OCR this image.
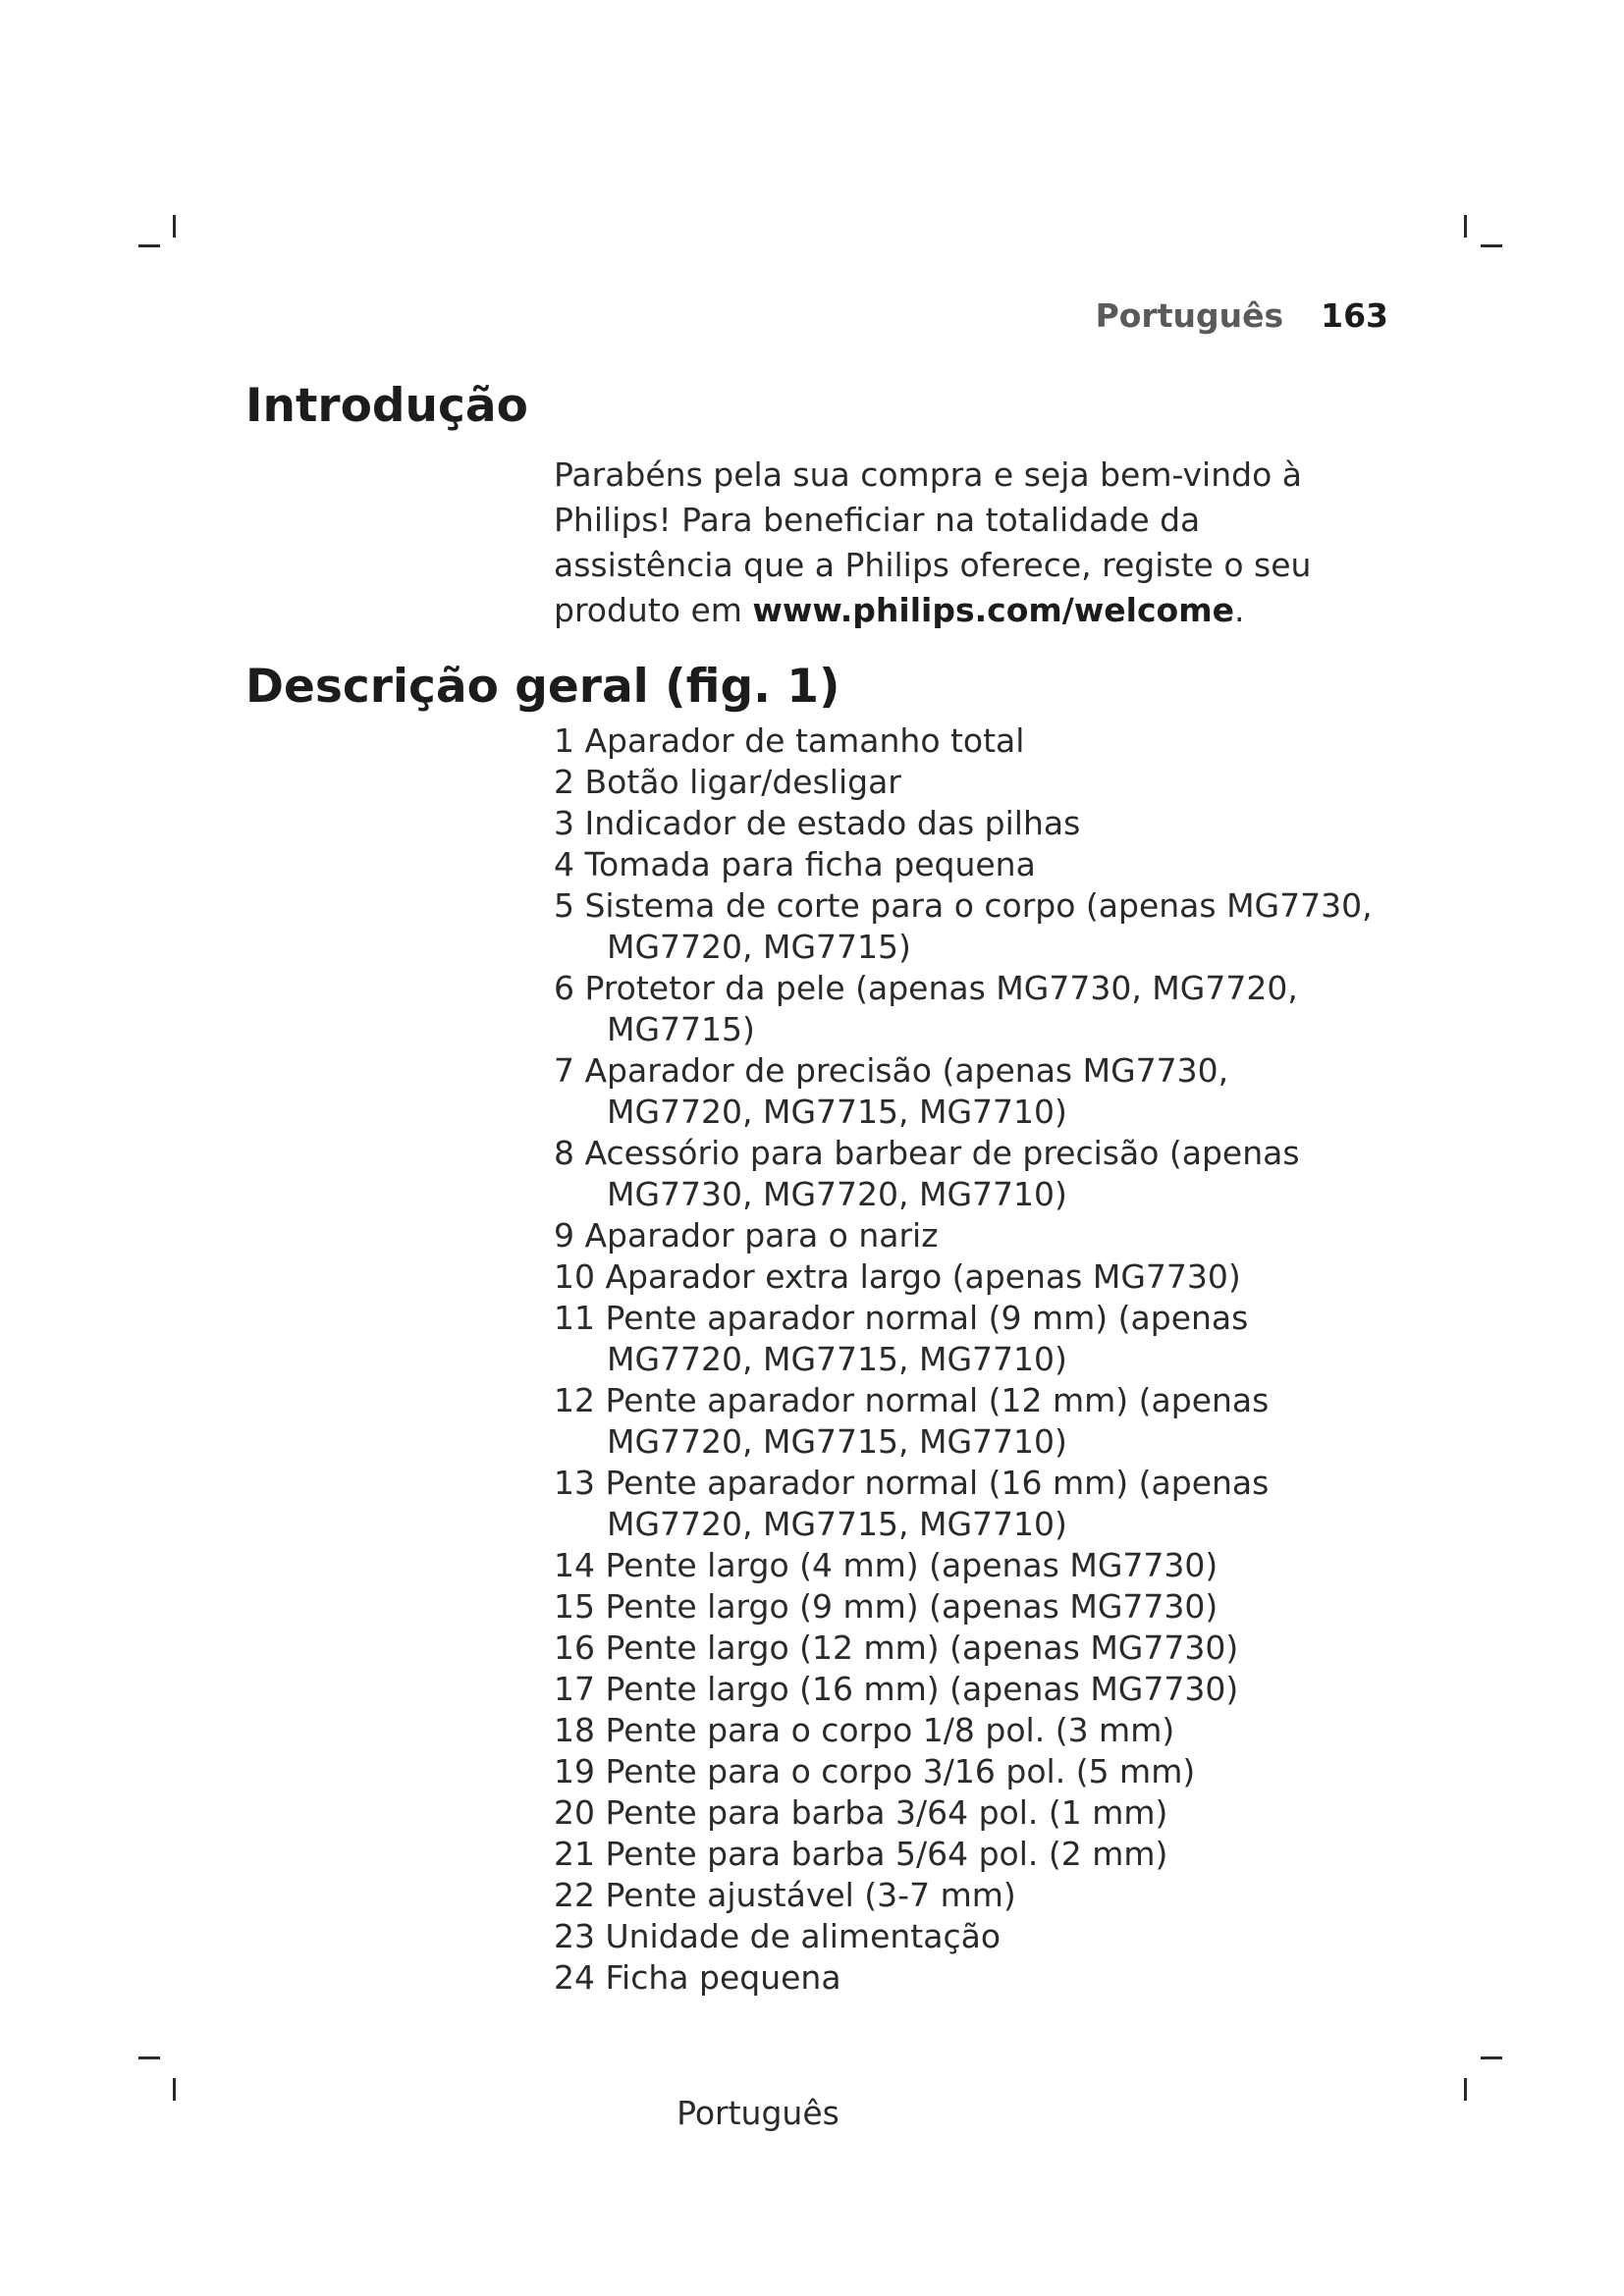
Português 163
Introdução

Parabéns pela sua compra e seja bem-vindo à
Philips! Para beneficiar na totalidade da
assistência que a Philips oferece, registe o seu
produto em www.philips.com/welcome.

Descrição geral (fig. 1)
1 Aparador de tamanho total
2 Botão ligar/desligar
3 Indicador de estado das pilhas
4 Tomada para ficha pequena
5 Sistema de corte para o corpo (apenas MG7730,
MG7720, MG7715)
6 Protetor da pele (apenas MG7730, MG7720,
MG7715)
7 Aparador de precisão (apenas MG7730,
MG7720, MG7715, MG7710)
8 Acessório para barbear de precisão (apenas
MG7730, MG7720, MG7710)
9 Aparador para o nariz
10 Aparador extra largo (apenas MG7730)
11 Pente aparador normal (9 mm) (apenas
MG7720, MG7715, MG7710)
12 Pente aparador normal (12 mm) (apenas
MG7720, MG7715, MG7710)
13 Pente aparador normal (16 mm) (apenas
MG7720, MG7715, MG7710)
14 Pente largo (4 mm) (apenas MG7730)
15 Pente largo (9 mm) (apenas MG7730)
16 Pente largo (12 mm) (apenas MG7730)
17 Pente largo (16 mm) (apenas MG7730)
18 Pente para o corpo 1/8 pol. (3 mm)
19 Pente para o corpo 3/16 pol. (5 mm)
20 Pente para barba 3/64 pol. (1 mm)
21 Pente para barba 5/64 pol. (2 mm)
22 Pente ajustável (3-7 mm)
23 Unidade de alimentação
24 Ficha pequena
Português
